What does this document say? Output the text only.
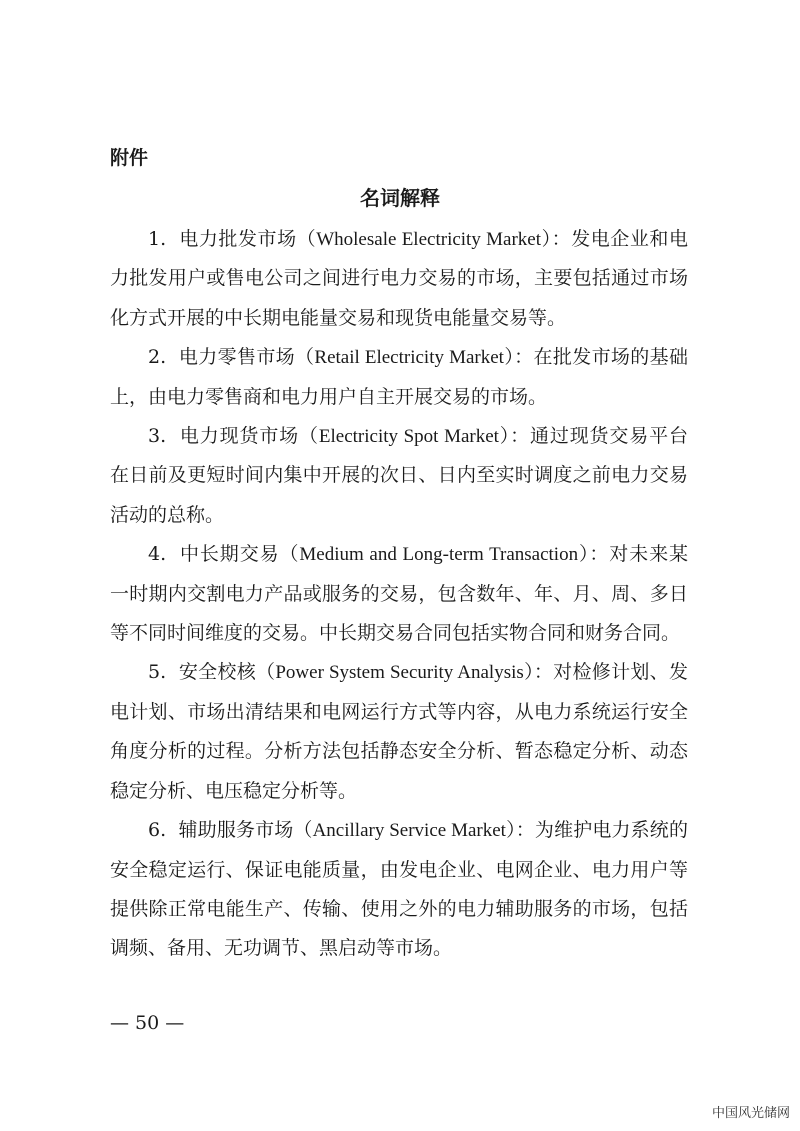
附件
名词解释

1. 电力批发市场（Wholesale Electricity Market）：发电企业和电力批发用户或售电公司之间进行电力交易的市场，主要包括通过市场化方式开展的中长期电能量交易和现货电能量交易等。

2. 电力零售市场（Retail Electricity Market）：在批发市场的基础上，由电力零售商和电力用户自主开展交易的市场。

3. 电力现货市场（Electricity Spot Market）：通过现货交易平台在日前及更短时间内集中开展的次日、日内至实时调度之前电力交易活动的总称。

4. 中长期交易（Medium and Long-term Transaction）：对未来某一时期内交割电力产品或服务的交易，包含数年、年、月、周、多日等不同时间维度的交易。中长期交易合同包括实物合同和财务合同。

5. 安全校核（Power System Security Analysis）：对检修计划、发电计划、市场出清结果和电网运行方式等内容，从电力系统运行安全角度分析的过程。分析方法包括静态安全分析、暂态稳定分析、动态稳定分析、电压稳定分析等。

6. 辅助服务市场（Ancillary Service Market）：为维护电力系统的安全稳定运行、保证电能质量，由发电企业、电网企业、电力用户等提供除正常电能生产、传输、使用之外的电力辅助服务的市场，包括调频、备用、无功调节、黑启动等市场。

— 50 —
中国风光储网
